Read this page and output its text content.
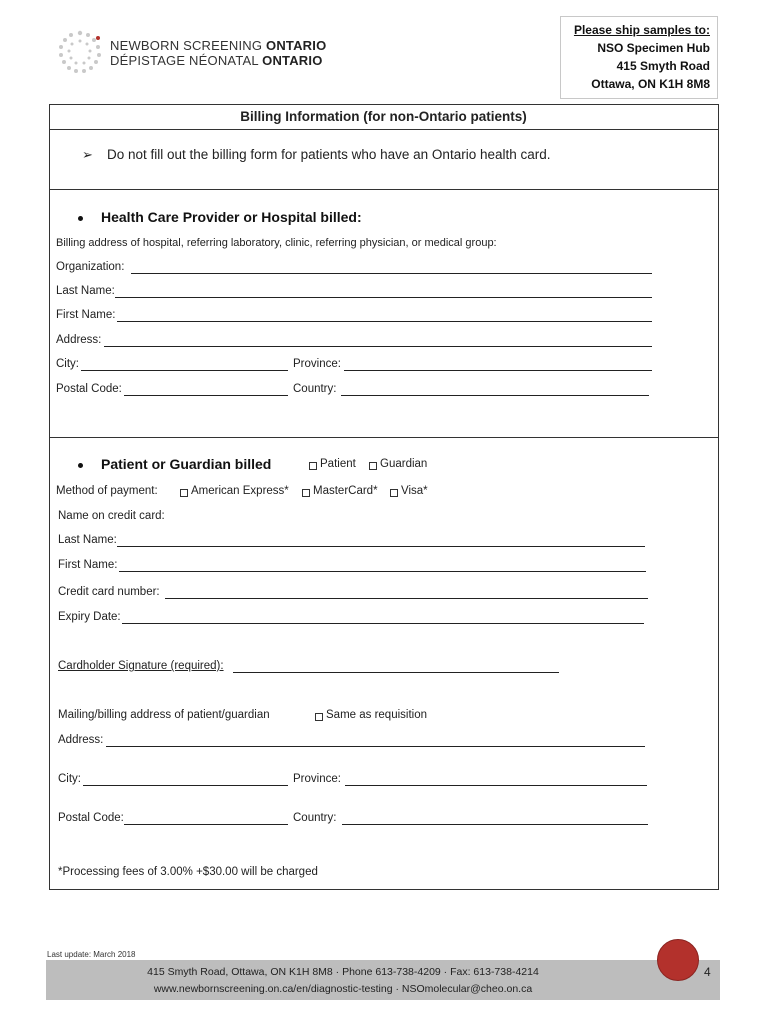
NEWBORN SCREENING ONTARIO
DÉPISTAGE NÉONATAL ONTARIO
Please ship samples to:
NSO Specimen Hub
415 Smyth Road
Ottawa, ON K1H 8M8
Billing Information (for non-Ontario patients)
➢ Do not fill out the billing form for patients who have an Ontario health card.
Health Care Provider or Hospital billed:
Billing address of hospital, referring laboratory, clinic, referring physician, or medical group:
Organization:
Last Name:
First Name:
Address:
City:	Province:
Postal Code:	Country:
Patient or Guardian billed	Patient Guardian
Method of payment:	American Express* MasterCard* Visa*
Name on credit card:
Last Name:
First Name:
Credit card number:
Expiry Date:
Cardholder Signature (required):
Mailing/billing address of patient/guardian	Same as requisition
Address:
City:	Province:
Postal Code:	Country:
*Processing fees of 3.00% +$30.00 will be charged
Last update: March 2018
415 Smyth Road, Ottawa, ON K1H 8M8 · Phone 613-738-4209 · Fax: 613-738-4214
www.newbornscreening.on.ca/en/diagnostic-testing · NSOmolecular@cheo.on.ca
4
